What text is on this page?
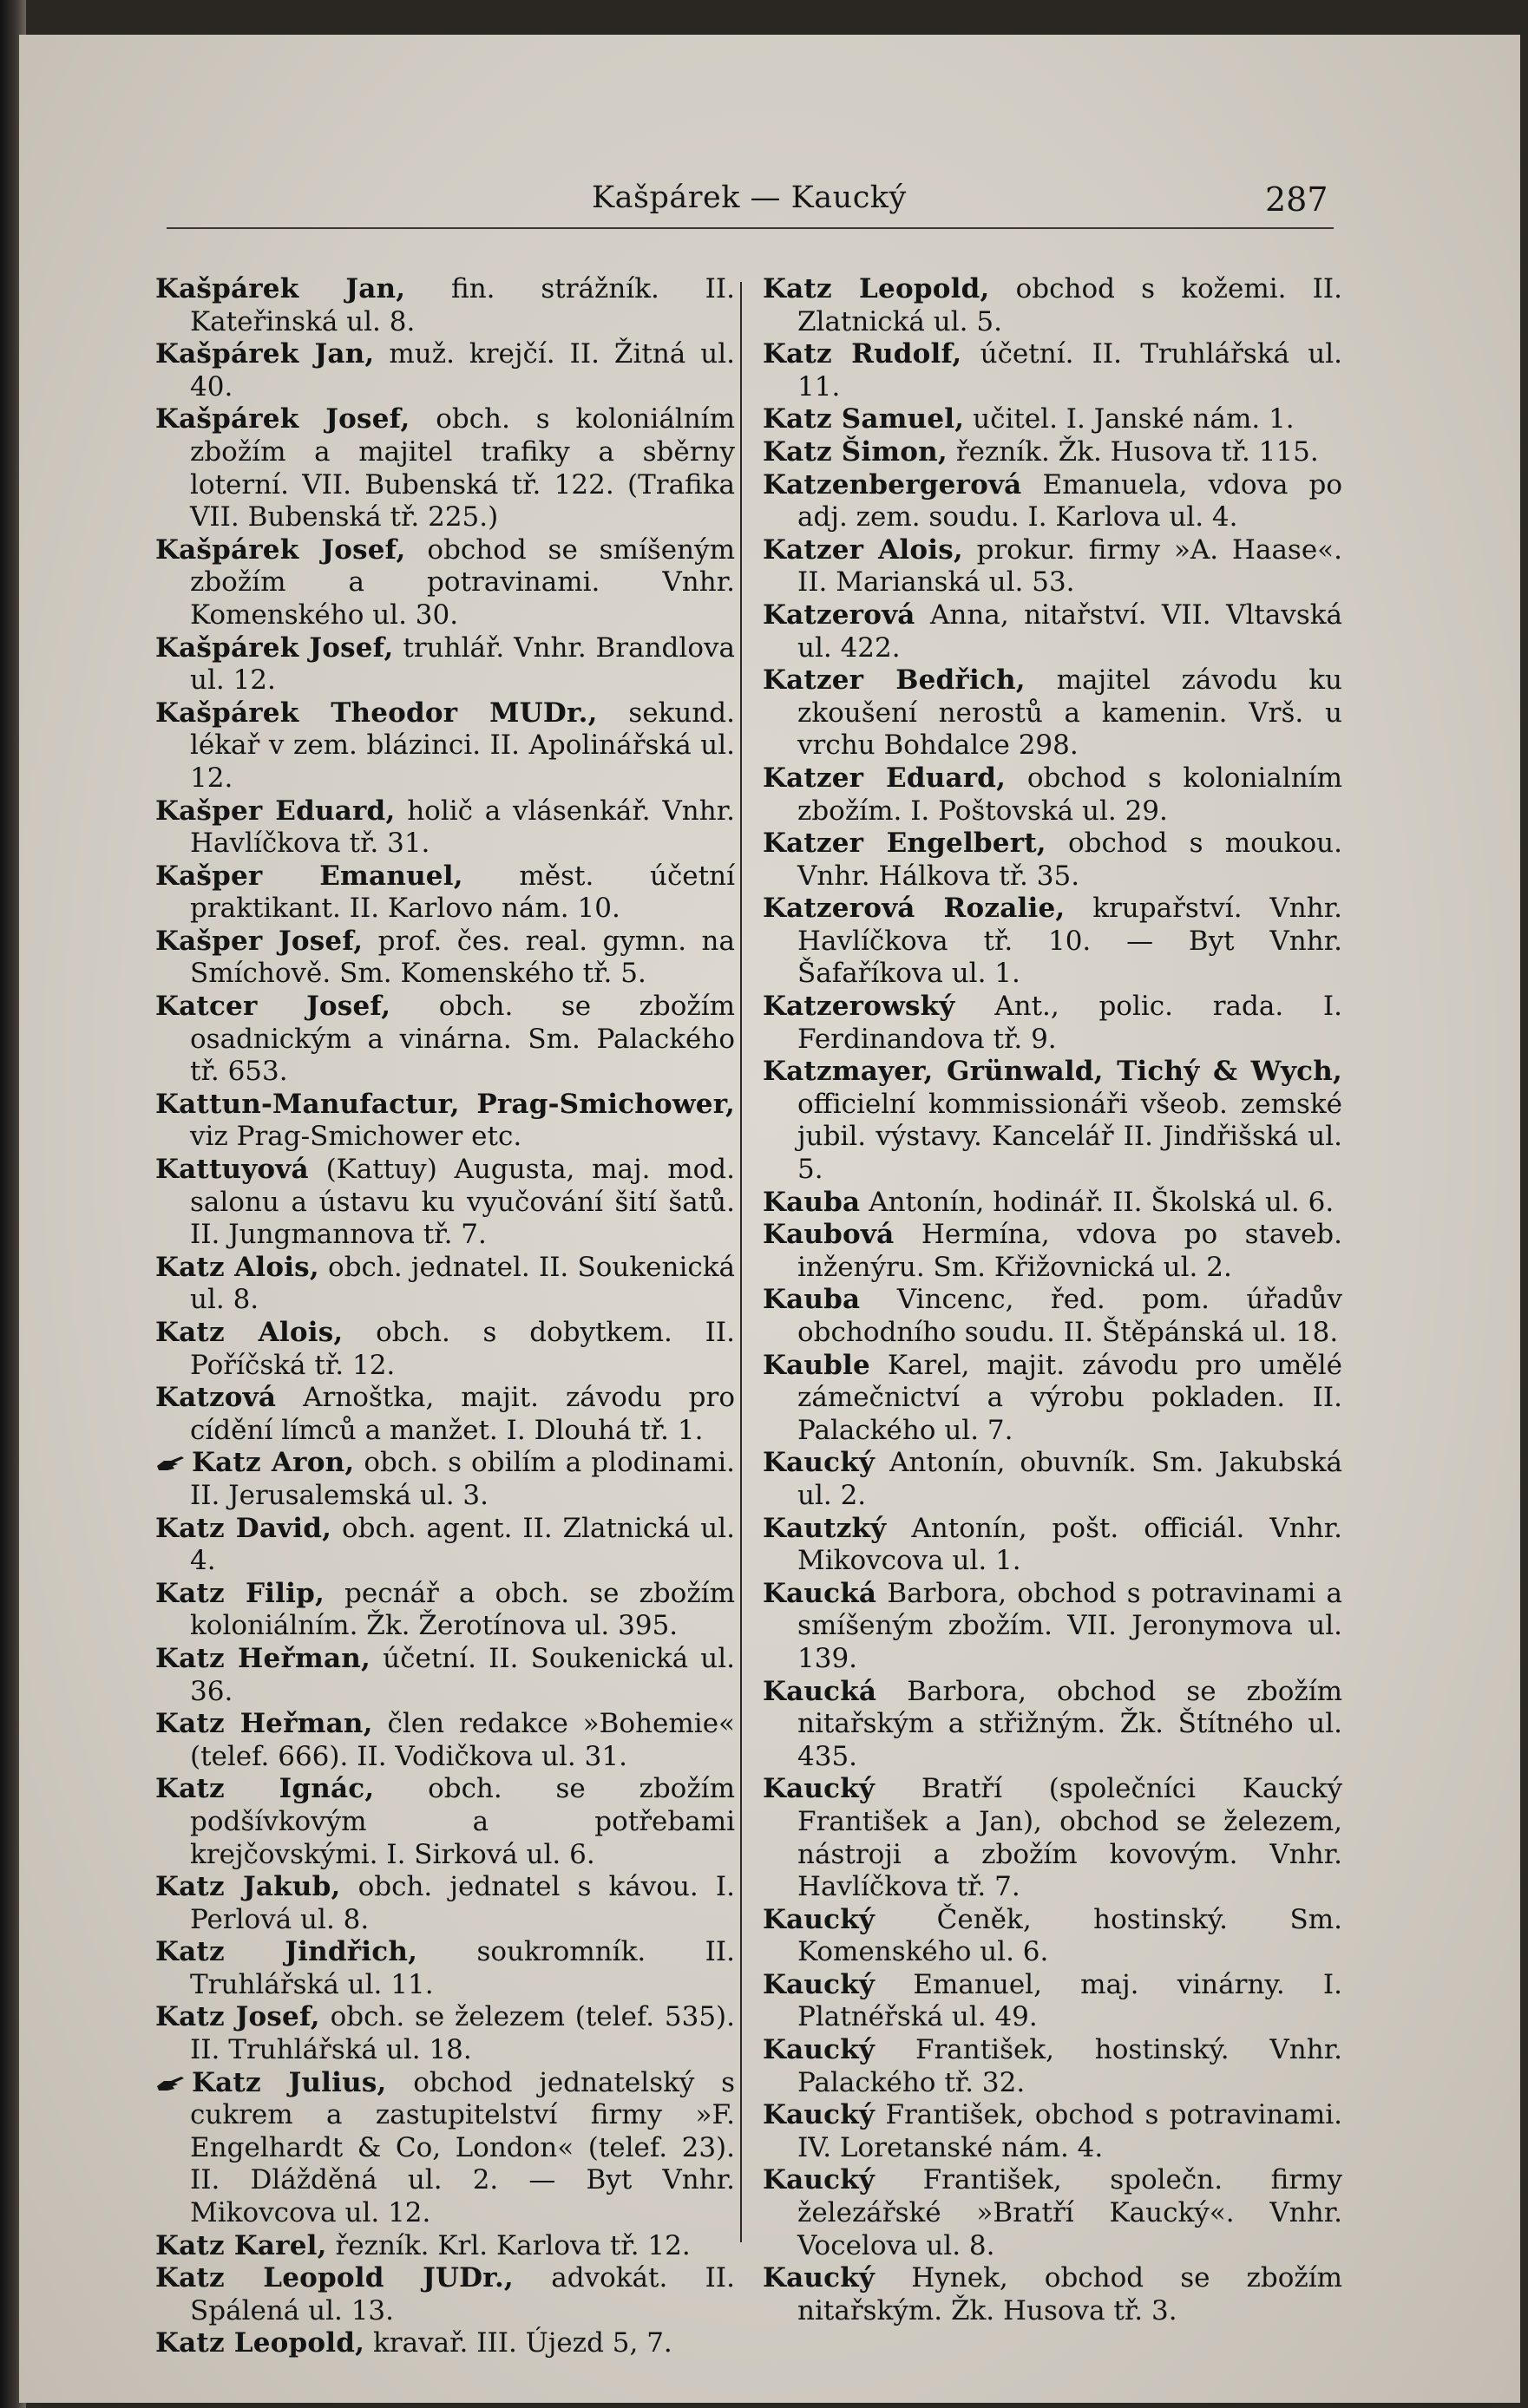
Kašpárek — Kaucký	287

Kašpárek Jan, fin. strážník. II. Kateřinská ul. 8.

Kašpárek Jan, muž. krejčí. II. Žitná ul. 40.

Kašpárek Josef, obch. s koloniálním zbožím a majitel trafiky a sběrny loterní. VII. Bubenská tř. 122. (Trafika VII. Bubenská tř. 225.)

Kašpárek Josef, obchod se smíšeným zbožím a potravinami. Vnhr. Komenského ul. 30.

Kašpárek Josef, truhlář. Vnhr. Brandlova ul. 12.

Kašpárek Theodor MUDr., sekund. lékař v zem. blázinci. II. Apolinářská ul. 12.

Kašper Eduard, holič a vlásenkář. Vnhr. Havlíčkova tř. 31.

Kašper Emanuel, měst. účetní praktikant. II. Karlovo nám. 10.

Kašper Josef, prof. čes. real. gymn. na Smíchově. Sm. Komenského tř. 5.

Katcer Josef, obch. se zbožím osadnickým a vinárna. Sm. Palackého tř. 653.

Kattun-Manufactur, Prag-Smichower, viz Prag-Smichower etc.

Kattuyová (Kattuy) Augusta, maj. mod. salonu a ústavu ku vyučování šití šatů. II. Jungmannova tř. 7.

Katz Alois, obch. jednatel. II. Soukenická ul. 8.

Katz Alois, obch. s dobytkem. II. Poříčská tř. 12.

Katzová Arnoštka, majit. závodu pro cídění límců a manžet. I. Dlouhá tř. 1.

Katz Aron, obch. s obilím a plodinami. II. Jerusalemská ul. 3.

Katz David, obch. agent. II. Zlatnická ul. 4.

Katz Filip, pecnář a obch. se zbožím koloniálním. Žk. Žerotínova ul. 395.

Katz Heřman, účetní. II. Soukenická ul. 36.

Katz Heřman, člen redakce »Bohemie« (telef. 666). II. Vodičkova ul. 31.

Katz Ignác, obch. se zbožím podšívkovým a potřebami krejčovskými. I. Sirková ul. 6.

Katz Jakub, obch. jednatel s kávou. I. Perlová ul. 8.

Katz Jindřich, soukromník. II. Truhlářská ul. 11.

Katz Josef, obch. se železem (telef. 535). II. Truhlářská ul. 18.

Katz Julius, obchod jednatelský s cukrem a zastupitelství firmy »F. Engelhardt & Co, London« (telef. 23). II. Dlážděná ul. 2. — Byt Vnhr. Mikovcova ul. 12.

Katz Karel, řezník. Krl. Karlova tř. 12.

Katz Leopold JUDr., advokát. II. Spálená ul. 13.

Katz Leopold, kravař. III. Újezd 5, 7.

Katz Leopold, obchod s kožemi. II. Zlatnická ul. 5.

Katz Rudolf, účetní. II. Truhlářská ul. 11.

Katz Samuel, učitel. I. Janské nám. 1.

Katz Šimon, řezník. Žk. Husova tř. 115.

Katzenbergerová Emanuela, vdova po adj. zem. soudu. I. Karlova ul. 4.

Katzer Alois, prokur. firmy »A. Haase«. II. Marianská ul. 53.

Katzerová Anna, nitařství. VII. Vltavská ul. 422.

Katzer Bedřich, majitel závodu ku zkoušení nerostů a kamenin. Vrš. u vrchu Bohdalce 298.

Katzer Eduard, obchod s kolonialním zbožím. I. Poštovská ul. 29.

Katzer Engelbert, obchod s moukou. Vnhr. Hálkova tř. 35.

Katzerová Rozalie, krupařství. Vnhr. Havlíčkova tř. 10. — Byt Vnhr. Šafaříkova ul. 1.

Katzerowský Ant., polic. rada. I. Ferdinandova tř. 9.

Katzmayer, Grünwald, Tichý & Wych, officielní kommissionáři všeob. zemské jubil. výstavy. Kancelář II. Jindřišská ul. 5.

Kauba Antonín, hodinář. II. Školská ul. 6.

Kaubová Hermína, vdova po staveb. inženýru. Sm. Křižovnická ul. 2.

Kauba Vincenc, řed. pom. úřadův obchodního soudu. II. Štěpánská ul. 18.

Kauble Karel, majit. závodu pro umělé zámečnictví a výrobu pokladen. II. Palackého ul. 7.

Kaucký Antonín, obuvník. Sm. Jakubská ul. 2.

Kautzký Antonín, pošt. officiál. Vnhr. Mikovcova ul. 1.

Kaucká Barbora, obchod s potravinami a smíšeným zbožím. VII. Jeronymova ul. 139.

Kaucká Barbora, obchod se zbožím nitařským a střižným. Žk. Štítného ul. 435.

Kaucký Bratří (společníci Kaucký František a Jan), obchod se železem, nástroji a zbožím kovovým. Vnhr. Havlíčkova tř. 7.

Kaucký Čeněk, hostinský. Sm. Komenského ul. 6.

Kaucký Emanuel, maj. vinárny. I. Platnéřská ul. 49.

Kaucký František, hostinský. Vnhr. Palackého tř. 32.

Kaucký František, obchod s potravinami. IV. Loretanské nám. 4.

Kaucký František, společn. firmy železářské »Bratří Kaucký«. Vnhr. Vocelova ul. 8.

Kaucký Hynek, obchod se zbožím nitařským. Žk. Husova tř. 3.
